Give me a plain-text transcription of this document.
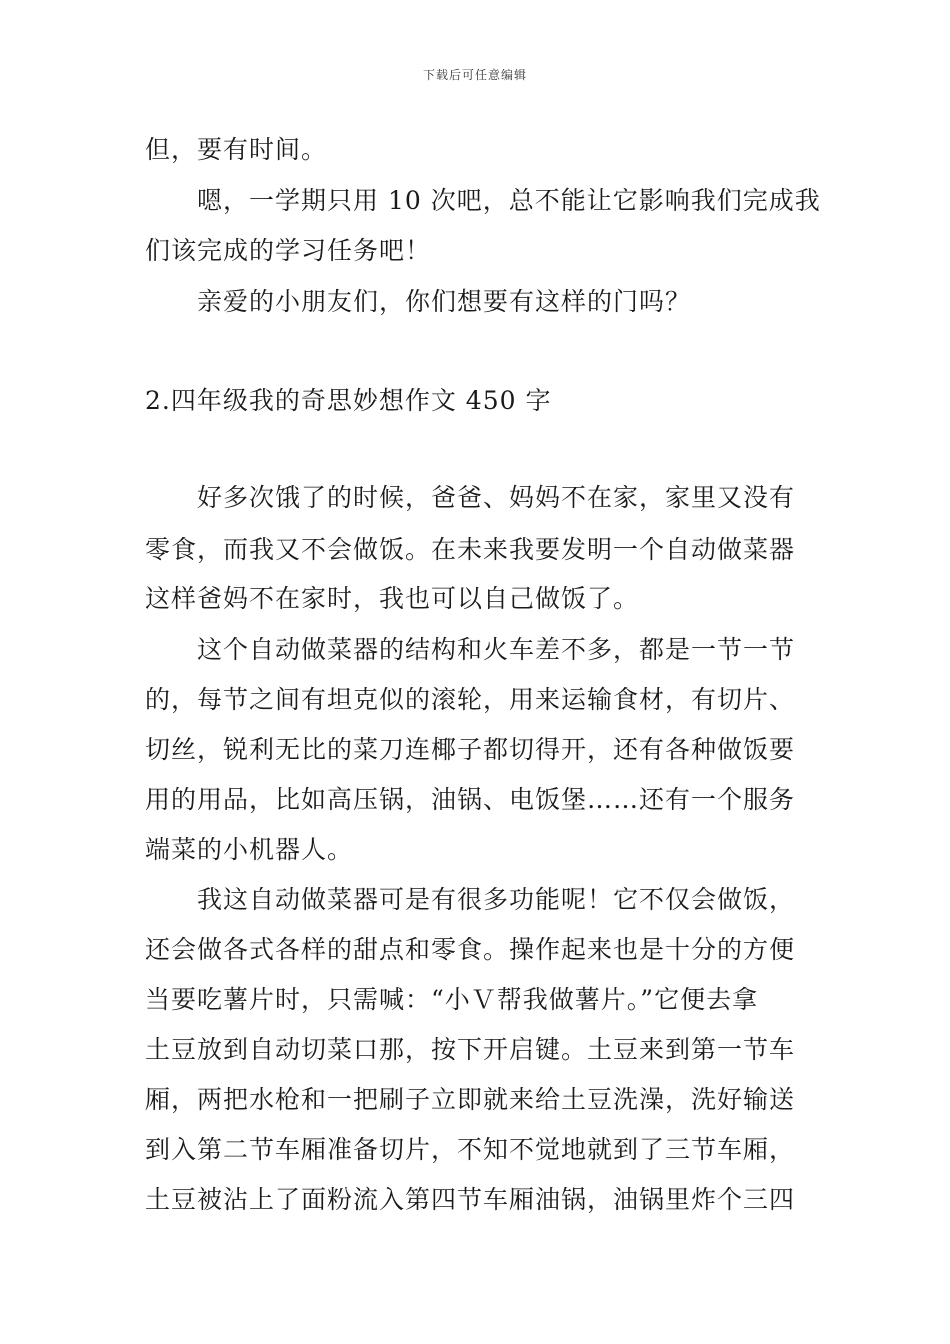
下载后可任意编辑

但，要有时间。

　　嗯，一学期只用 10 次吧，总不能让它影响我们完成我

们该完成的学习任务吧！

　　亲爱的小朋友们，你们想要有这样的门吗？

2.四年级我的奇思妙想作文 450 字

　　好多次饿了的时候，爸爸、妈妈不在家，家里又没有

零食，而我又不会做饭。在未来我要发明一个自动做菜器

这样爸妈不在家时，我也可以自己做饭了。

　　这个自动做菜器的结构和火车差不多，都是一节一节

的，每节之间有坦克似的滚轮，用来运输食材，有切片、

切丝，锐利无比的菜刀连椰子都切得开，还有各种做饭要

用的用品，比如高压锅，油锅、电饭堡……还有一个服务

端菜的小机器人。

　　我这自动做菜器可是有很多功能呢！它不仅会做饭，

还会做各式各样的甜点和零食。操作起来也是十分的方便

当要吃薯片时，只需喊：“小Ｖ帮我做薯片。”它便去拿

土豆放到自动切菜口那，按下开启键。土豆来到第一节车

厢，两把水枪和一把刷子立即就来给土豆洗澡，洗好输送

到入第二节车厢准备切片，不知不觉地就到了三节车厢，

土豆被沾上了面粉流入第四节车厢油锅，油锅里炸个三四
